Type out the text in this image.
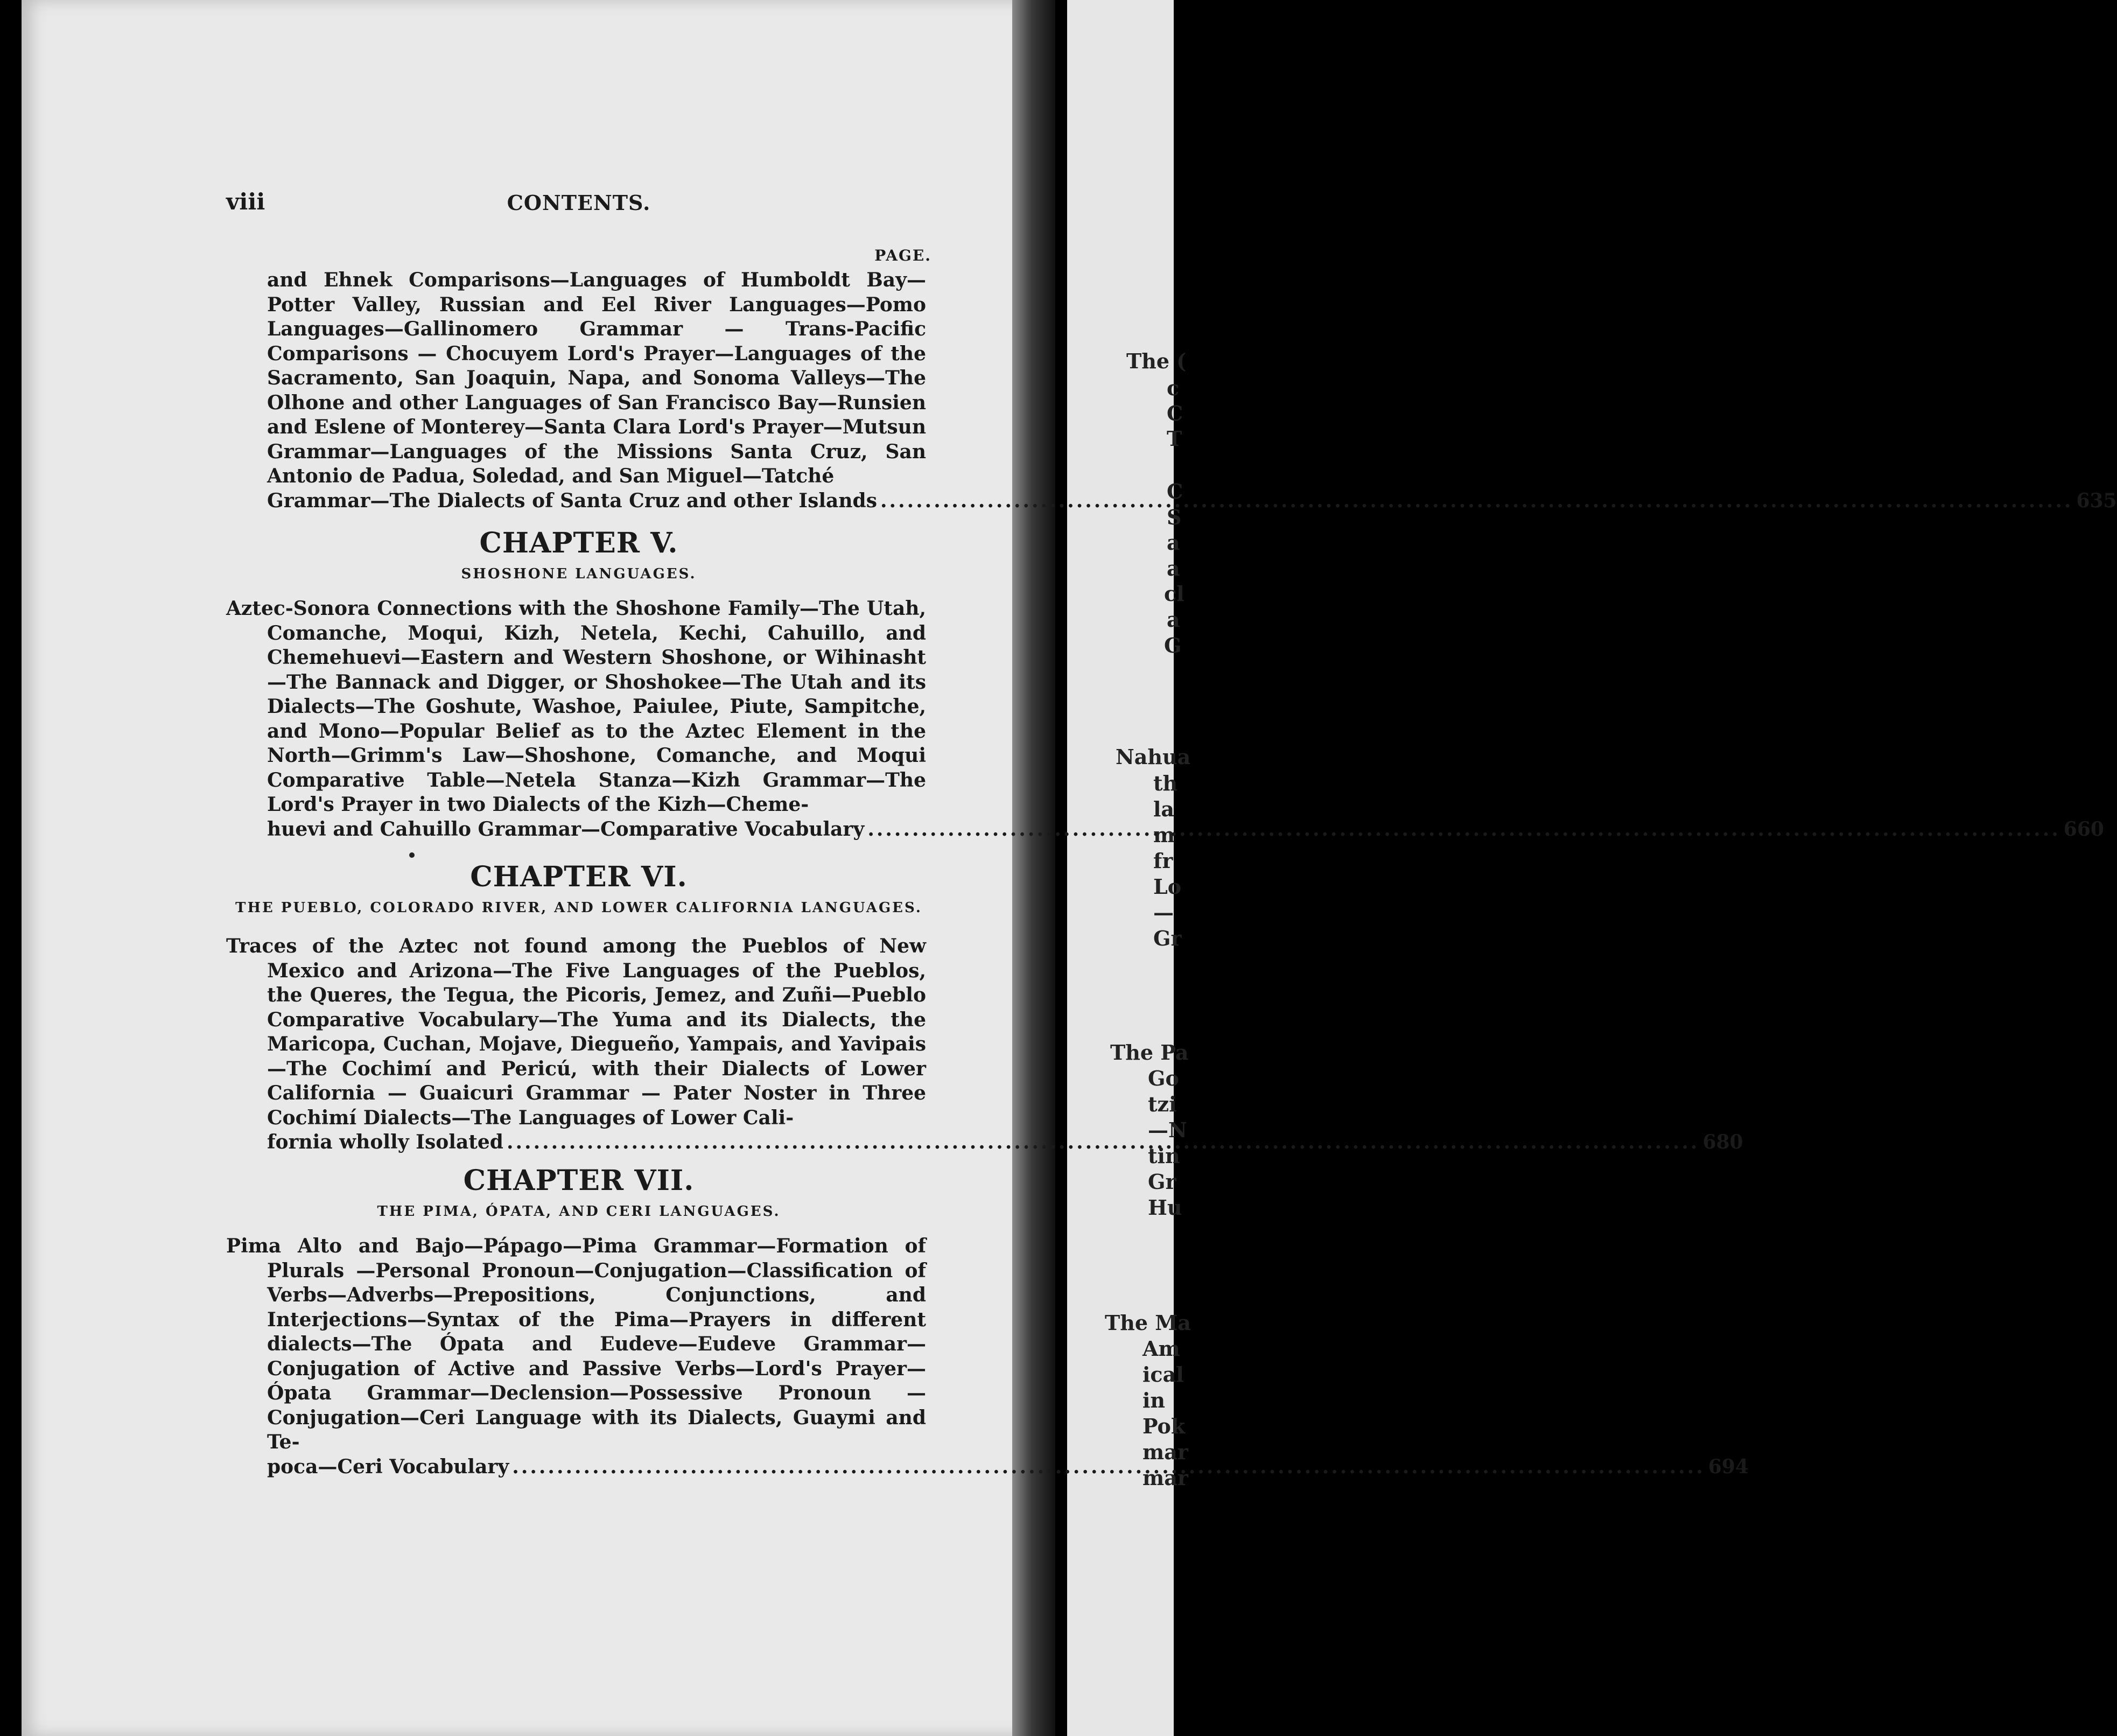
The (
c
C
T
C
S
a
a
cl
a
G
Nahua
th
la
m
fr
Lo
—
Gr
The Pa
Go
tzi
—N
tin
Gr
Hu
The Ma
Am
ical
in
Pok
mar
mar
viii	CONTENTS.
PAGE.
and Ehnek Comparisons—Languages of Humboldt Bay—Potter Valley, Russian and Eel River Languages—Pomo Languages—Gallinomero Grammar — Trans-Pacific Comparisons — Chocuyem Lord's Prayer—Languages of the Sacramento, San Joaquin, Napa, and Sonoma Valleys—The Olhone and other Languages of San Francisco Bay—Runsien and Eslene of Monterey—Santa Clara Lord's Prayer—Mutsun Grammar—Languages of the Missions Santa Cruz, San Antonio de Padua, Soledad, and San Miguel—Tatché
Grammar—The Dialects of Santa Cruz and other Islands .....	635
CHAPTER V.
SHOSHONE LANGUAGES.
Aztec-Sonora Connections with the Shoshone Family—The Utah, Comanche, Moqui, Kizh, Netela, Kechi, Cahuillo, and Chemehuevi—Eastern and Western Shoshone, or Wihinasht—The Bannack and Digger, or Shoshokee—The Utah and its Dialects—The Goshute, Washoe, Paiulee, Piute, Sampitche, and Mono—Popular Belief as to the Aztec Element in the North—Grimm's Law—Shoshone, Comanche, and Moqui Comparative Table—Netela Stanza—Kizh Grammar—The Lord's Prayer in two Dialects of the Kizh—Cheme-
huevi and Cahuillo Grammar—Comparative Vocabulary .....	660
CHAPTER VI.
THE PUEBLO, COLORADO RIVER, AND LOWER CALIFORNIA LANGUAGES.
Traces of the Aztec not found among the Pueblos of New Mexico and Arizona—The Five Languages of the Pueblos, the Queres, the Tegua, the Picoris, Jemez, and Zuñi—Pueblo Comparative Vocabulary—The Yuma and its Dialects, the Maricopa, Cuchan, Mojave, Diegueño, Yampais, and Yavipais—The Cochimí and Pericú, with their Dialects of Lower California — Guaicuri Grammar — Pater Noster in Three Cochimí Dialects—The Languages of Lower Cali-
fornia wholly Isolated .....	680
CHAPTER VII.
THE PIMA, ÓPATA, AND CERI LANGUAGES.
Pima Alto and Bajo—Pápago—Pima Grammar—Formation of Plurals —Personal Pronoun—Conjugation—Classification of Verbs—Adverbs—Prepositions, Conjunctions, and Interjections—Syntax of the Pima—Prayers in different dialects—The Ópata and Eudeve—Eudeve Grammar—Conjugation of Active and Passive Verbs—Lord's Prayer—Ópata Grammar—Declension—Possessive Pronoun —Conjugation—Ceri Language with its Dialects, Guaymi and Te-
poca—Ceri Vocabulary .....	694
